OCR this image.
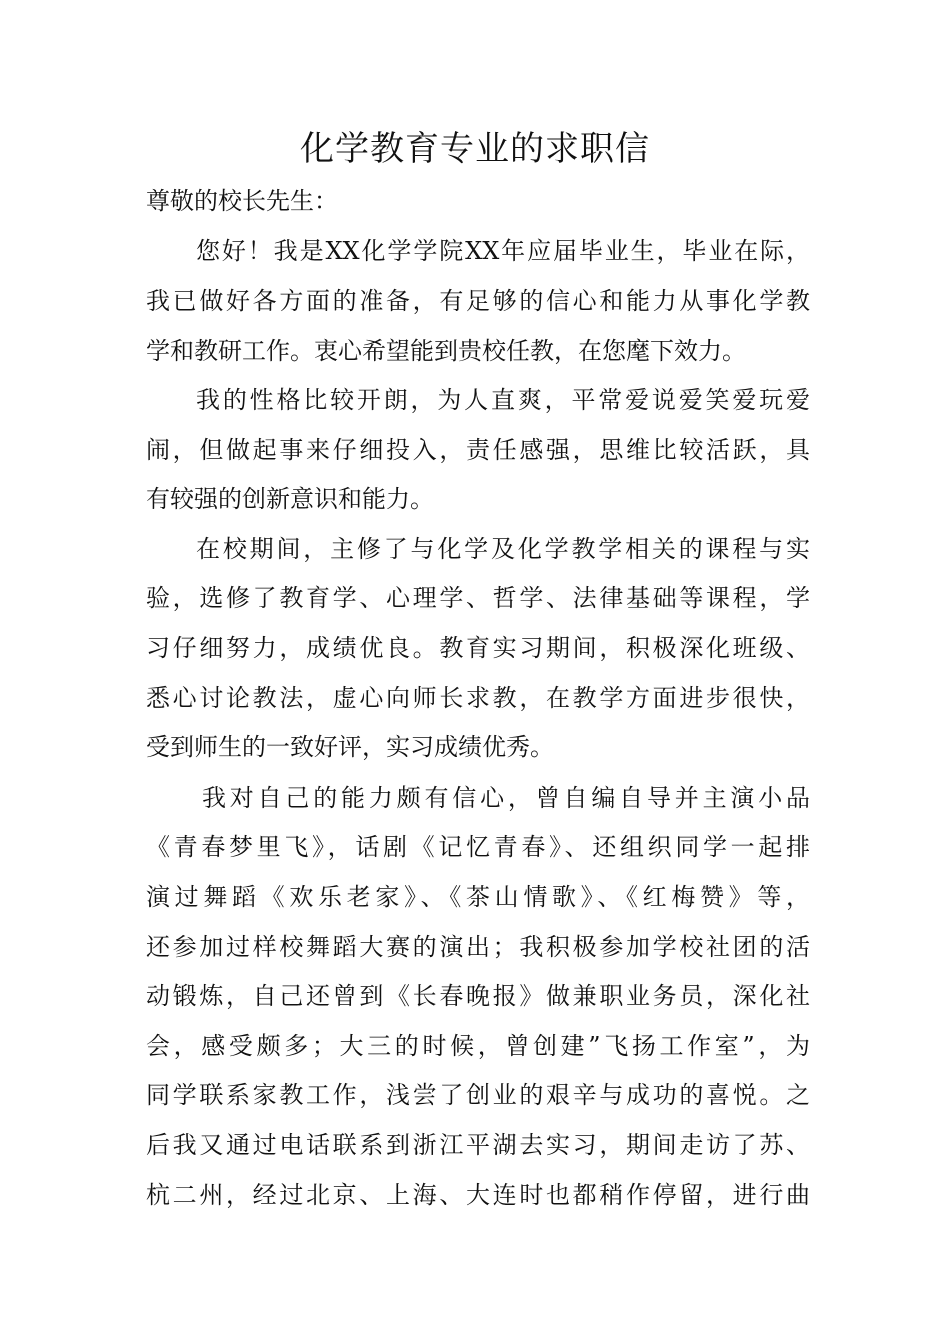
化学教育专业的求职信
尊敬的校长先生：
您好！我是XX化学学院XX年应届毕业生，毕业在际，
我已做好各方面的准备，有足够的信心和能力从事化学教
学和教研工作。衷心希望能到贵校任教，在您麾下效力。
我的性格比较开朗，为人直爽，平常爱说爱笑爱玩爱
闹，但做起事来仔细投入，责任感强，思维比较活跃，具
有较强的创新意识和能力。
在校期间，主修了与化学及化学教学相关的课程与实
验，选修了教育学、心理学、哲学、法律基础等课程，学
习仔细努力，成绩优良。教育实习期间，积极深化班级、
悉心讨论教法，虚心向师长求教，在教学方面进步很快，
受到师生的一致好评，实习成绩优秀。
我对自己的能力颇有信心，曾自编自导并主演小品
《青春梦里飞》，话剧《记忆青春》、还组织同学一起排
演过舞蹈《欢乐老家》、《茶山情歌》、《红梅赞》等，
还参加过样校舞蹈大赛的演出；我积极参加学校社团的活
动锻炼，自己还曾到《长春晚报》做兼职业务员，深化社
会，感受颇多；大三的时候，曾创建”飞扬工作室”，为
同学联系家教工作，浅尝了创业的艰辛与成功的喜悦。之
后我又通过电话联系到浙江平湖去实习，期间走访了苏、
杭二州，经过北京、上海、大连时也都稍作停留，进行曲
